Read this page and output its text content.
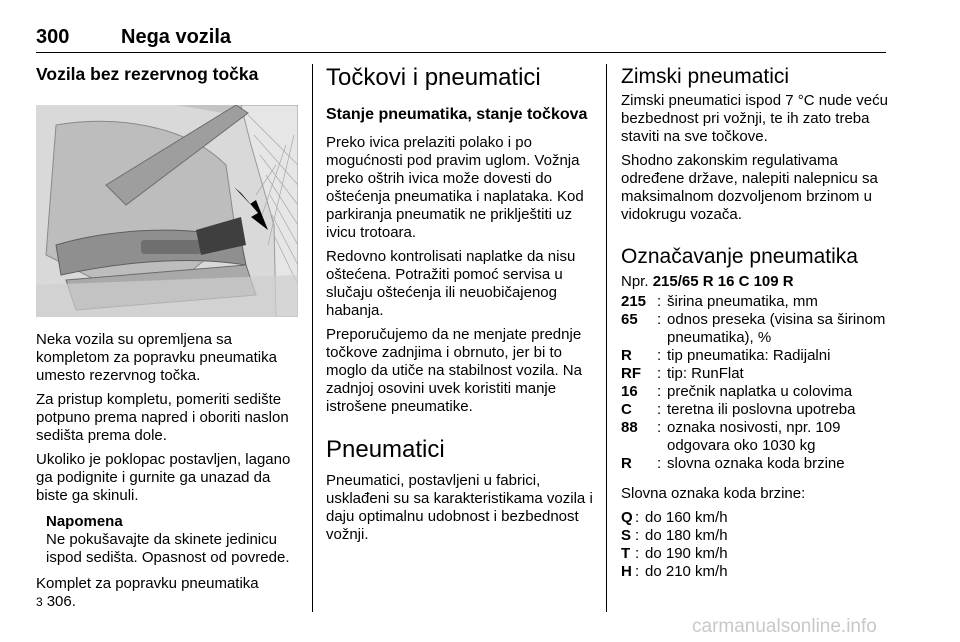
300	Nega vozila
Vozila bez rezervnog točka

Neka vozila su opremljena sa kompletom za popravku pneumatika umesto rezervnog točka.

Za pristup kompletu, pomeriti sedište potpuno prema napred i oboriti naslon sedišta prema dole.

Ukoliko je poklopac postavljen, lagano ga podignite i gurnite ga unazad da biste ga skinuli.

Napomena
Ne pokušavajte da skinete jedinicu ispod sedišta. Opasnost od povrede.

Komplet za popravku pneumatika
3 306.

Točkovi i pneumatici
Stanje pneumatika, stanje točkova

Preko ivica prelaziti polako i po mogućnosti pod pravim uglom. Vožnja preko oštrih ivica može dovesti do oštećenja pneumatika i naplataka. Kod parkiranja pneumatik ne priklještiti uz ivicu trotoara.

Redovno kontrolisati naplatke da nisu oštećena. Potražiti pomoć servisa u slučaju oštećenja ili neuobičajenog habanja.

Preporučujemo da ne menjate prednje točkove zadnjima i obrnuto, jer bi to moglo da utiče na stabilnost vozila. Na zadnjoj osovini uvek koristiti manje istrošene pneumatike.

Pneumatici

Pneumatici, postavljeni u fabrici, usklađeni su sa karakteristikama vozila i daju optimalnu udobnost i bezbednost vožnji.

Zimski pneumatici

Zimski pneumatici ispod 7 °C nude veću bezbednost pri vožnji, te ih zato treba staviti na sve točkove.

Shodno zakonskim regulativama određene države, nalepiti nalepnicu sa maksimalnom dozvoljenom brzinom u vidokrugu vozača.

Označavanje pneumatika
Npr. 215/65 R 16 C 109 R
215 : širina pneumatika, mm
65	: odnos preseka (visina sa širinom pneumatika), %
R	: tip pneumatika: Radijalni
RF	: tip: RunFlat
16	: prečnik naplatka u colovima
C	: teretna ili poslovna upotreba
88	: oznaka nosivosti, npr. 109 odgovara oko 1030 kg
R	: slovna oznaka koda brzine

Slovna oznaka koda brzine:

Q : do 160 km/h
S : do 180 km/h
T : do 190 km/h
H : do 210 km/h
carmanualsonline.info
